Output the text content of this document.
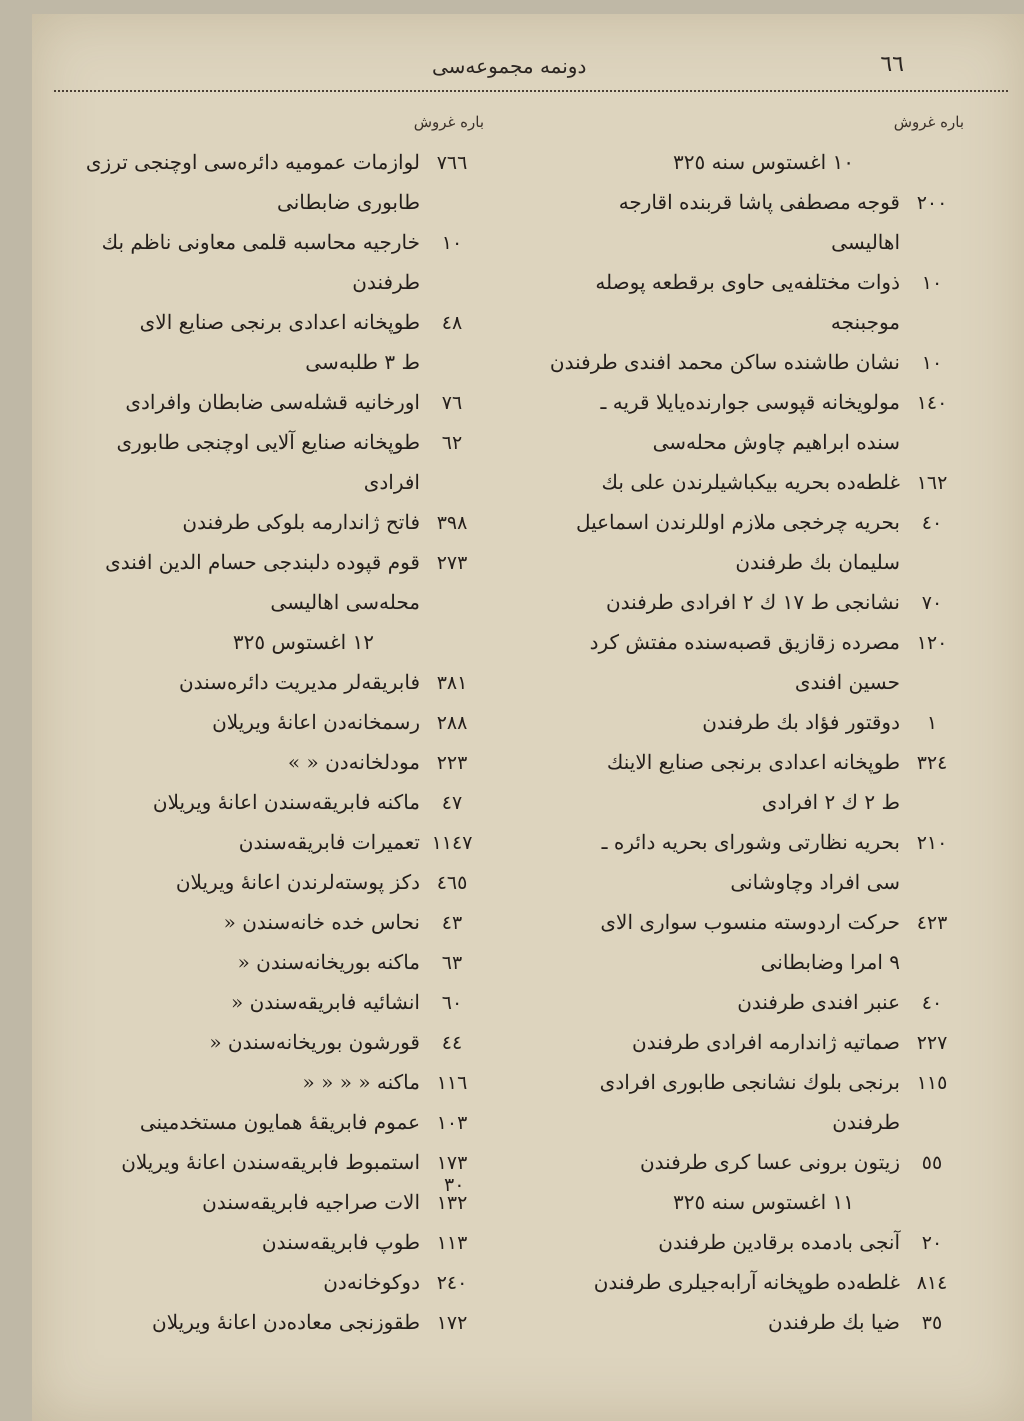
٦٦
دونمه مجموعه‌سی
باره غروش
١٠ اغستوس سنه ٣٢٥
٢٠٠قوجه مصطفى پاشا قربنده اقارجه
اهاليسی
١٠ذوات مختلفه‌يی حاوی برقطعه پوصله
موجبنجه
١٠نشان طاشنده ساكن محمد افندی طرفندن
١٤٠مولويخانه قپوسی جوارنده‌يايلا قريه ـ
سنده ابراهيم چاوش محله‌سی
١٦٢غلطه‌ده بحريه بيكباشيلرندن علی بك
٤٠بحريه چرخجی ملازم اوللرندن اسماعيل
سليمان بك طرفندن
٧٠نشانجی ط ١٧ ك ٢ افرادی طرفندن
١٢٠مصرده زقازيق قصبه‌سنده مفتش كرد
حسين افندی
١دوقتور فؤاد بك طرفندن
٣٢٤طوپخانه اعدادی برنجی صنايع الاينك
ط ٢ ك ٢ افرادی
٢١٠بحريه نظارتی وشورای بحريه دائره ـ
سی افراد وچاوشانی
٤٢٣حركت اردوسته منسوب سواری الای
٩ امرا وضابطانی
٤٠عنبر افندی طرفندن
٢٢٧صماتيه ژاندارمه افرادی طرفندن
١١٥برنجی بلوك نشانجی طابوری افرادی
طرفندن
٥٥زيتون برونی عسا كری طرفندن
١١ اغستوس سنه ٣٢٥
٢٠آنجی بادمده برقادين طرفندن
٨١٤غلطه‌ده طوپخانه آرابه‌جيلری طرفندن
٣٥ضيا بك طرفندن
باره غروش
٧٦٦لوازمات عموميه دائره‌سی اوچنجی ترزی
طابوری ضابطانی
١٠خارجيه محاسبه قلمی معاونی ناظم بك
طرفندن
٤٨طوپخانه اعدادی برنجی صنايع الای
ط ٣ طلبه‌سی
٧٦اورخانيه قشله‌سی ضابطان وافرادی
٦٢طوپخانه صنايع آلايی اوچنجی طابوری
افرادی
٣٩٨فاتح ژاندارمه بلوكی طرفندن
٢٧٣قوم قپوده دلبندجی حسام الدين افندی
محله‌سی اهاليسی
١٢ اغستوس ٣٢٥
٣٨١فابريقه‌لر مديريت دائره‌سندن
٢٨٨رسمخانه‌دن اعانهٔ ويريلان
٢٢٣مودلخانه‌دن « »
٤٧ماكنه فابريقه‌سندن اعانهٔ ويريلان
١١٤٧تعميرات فابريقه‌سندن
٤٦٥دكز پوسته‌لرندن اعانهٔ ويريلان
٤٣نحاس خده خانه‌سندن «
٦٣ماكنه بوريخانه‌سندن «
٦٠انشائيه فابريقه‌سندن «
٤٤قورشون بوريخانه‌سندن «
١١٦ماكنه « « « «
١٠٣عموم فابريقهٔ همايون مستخدمينی
١٧٣استمبوط فابريقه‌سندن اعانهٔ ويريلان
١٣٢الات صراجيه فابريقه‌سندن
١١٣طوپ فابريقه‌سندن
٢٤٠دوكوخانه‌دن
١٧٢طقوزنجی معاده‌دن اعانهٔ ويريلان
٣٠
